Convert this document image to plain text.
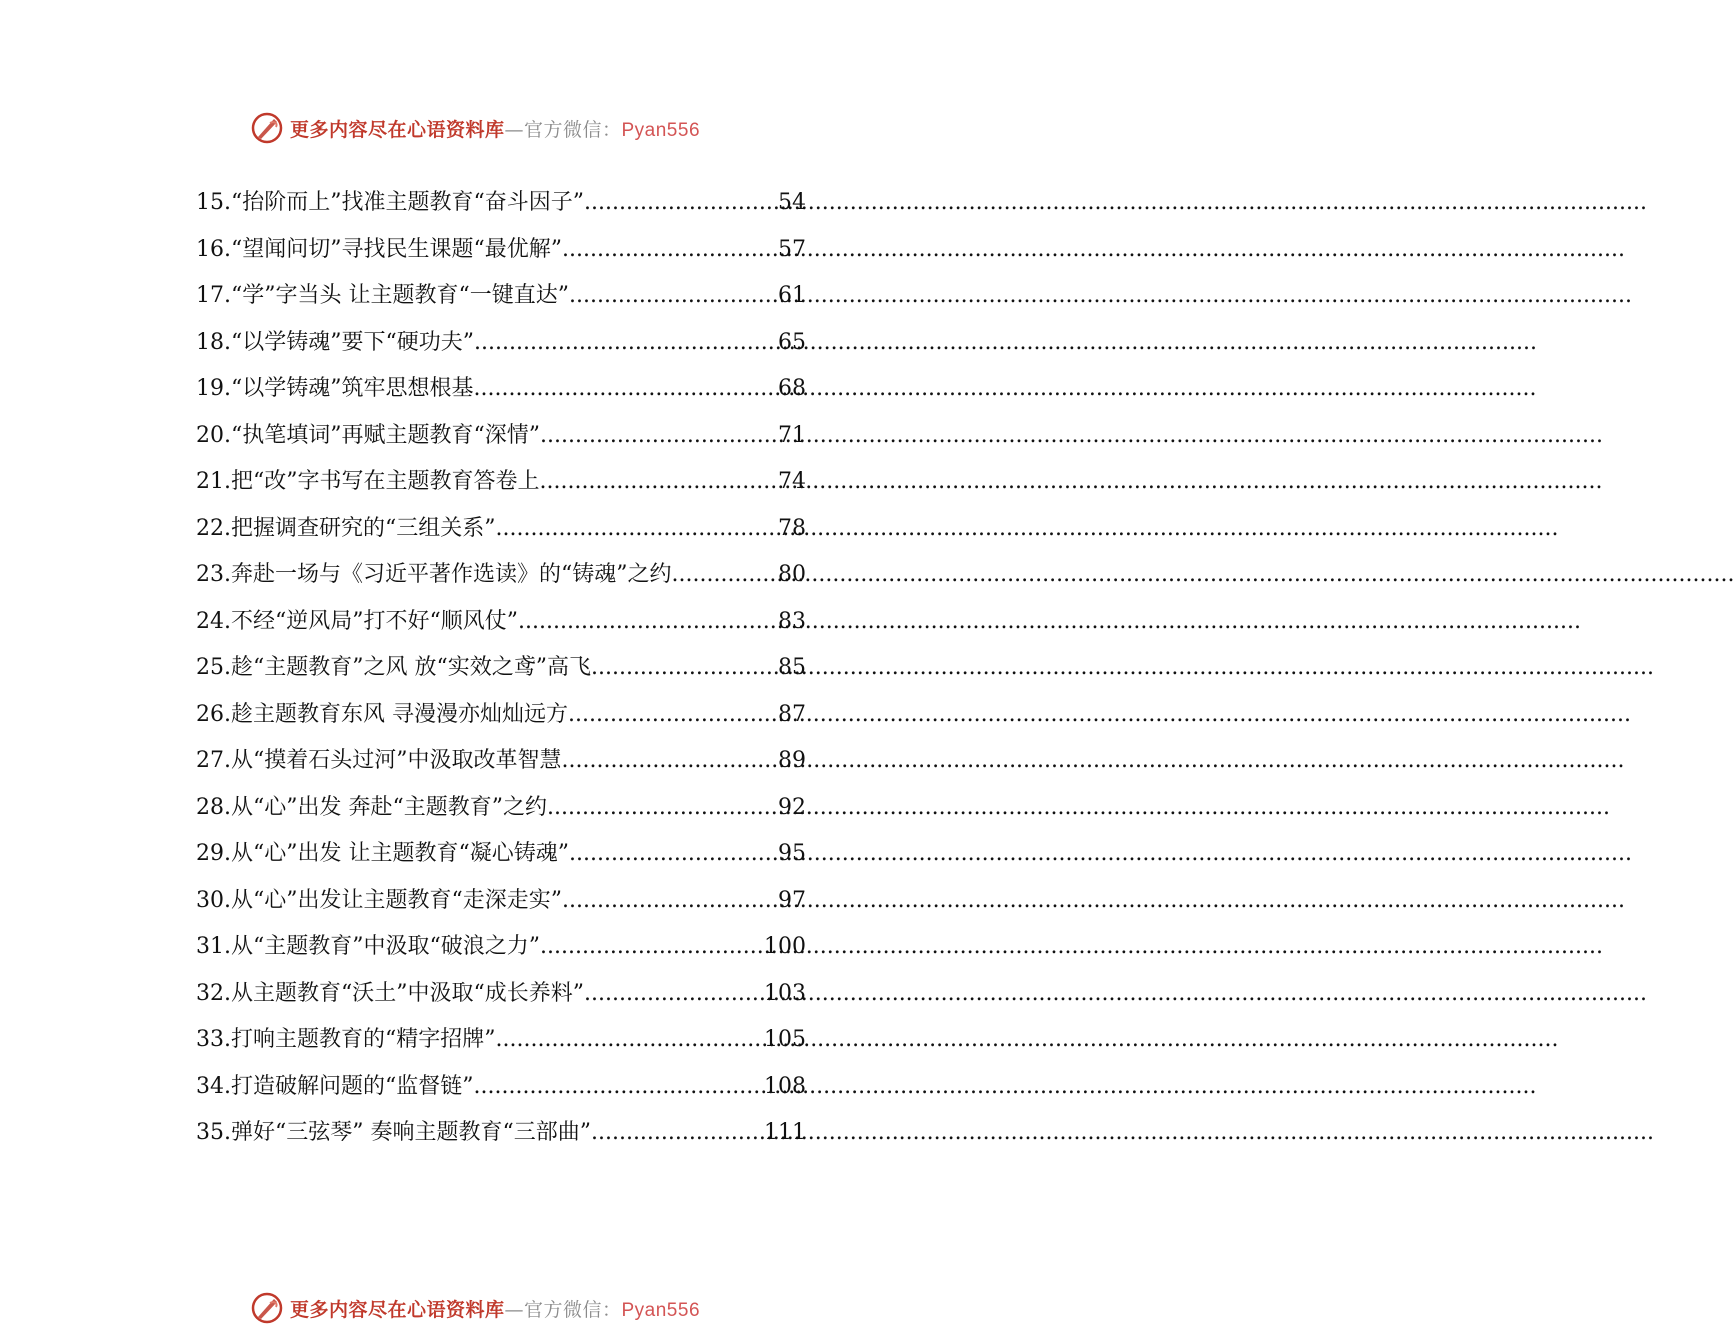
更多内容尽在心语资料库—官方微信：Pyan556
15. “抬阶而上”找准主题教育“奋斗因子” .....	54
16. “望闻问切”寻找民生课题“最优解” .....	57
17. “学”字当头 让主题教育“一键直达” .....	61
18. “以学铸魂”要下“硬功夫” .....	65
19. “以学铸魂”筑牢思想根基 .....	68
20. “执笔填词”再赋主题教育“深情” .....	71
21. 把“改”字书写在主题教育答卷上 .....	74
22. 把握调查研究的“三组关系” .....	78
23. 奔赴一场与《习近平著作选读》的“铸魂”之约 .....	80
24. 不经“逆风局”打不好“顺风仗” .....	83
25. 趁“主题教育”之风 放“实效之鸢”高飞 .....	85
26. 趁主题教育东风 寻漫漫亦灿灿远方 .....	87
27. 从“摸着石头过河”中汲取改革智慧 .....	89
28. 从“心”出发 奔赴“主题教育”之约 .....	92
29. 从“心”出发 让主题教育“凝心铸魂” .....	95
30. 从“心”出发让主题教育“走深走实” .....	97
31. 从“主题教育”中汲取“破浪之力” .....	100
32. 从主题教育“沃土”中汲取“成长养料” .....	103
33. 打响主题教育的“精字招牌” .....	105
34. 打造破解问题的“监督链” .....	108
35. 弹好“三弦琴” 奏响主题教育“三部曲” .....	111
更多内容尽在心语资料库—官方微信：Pyan556
